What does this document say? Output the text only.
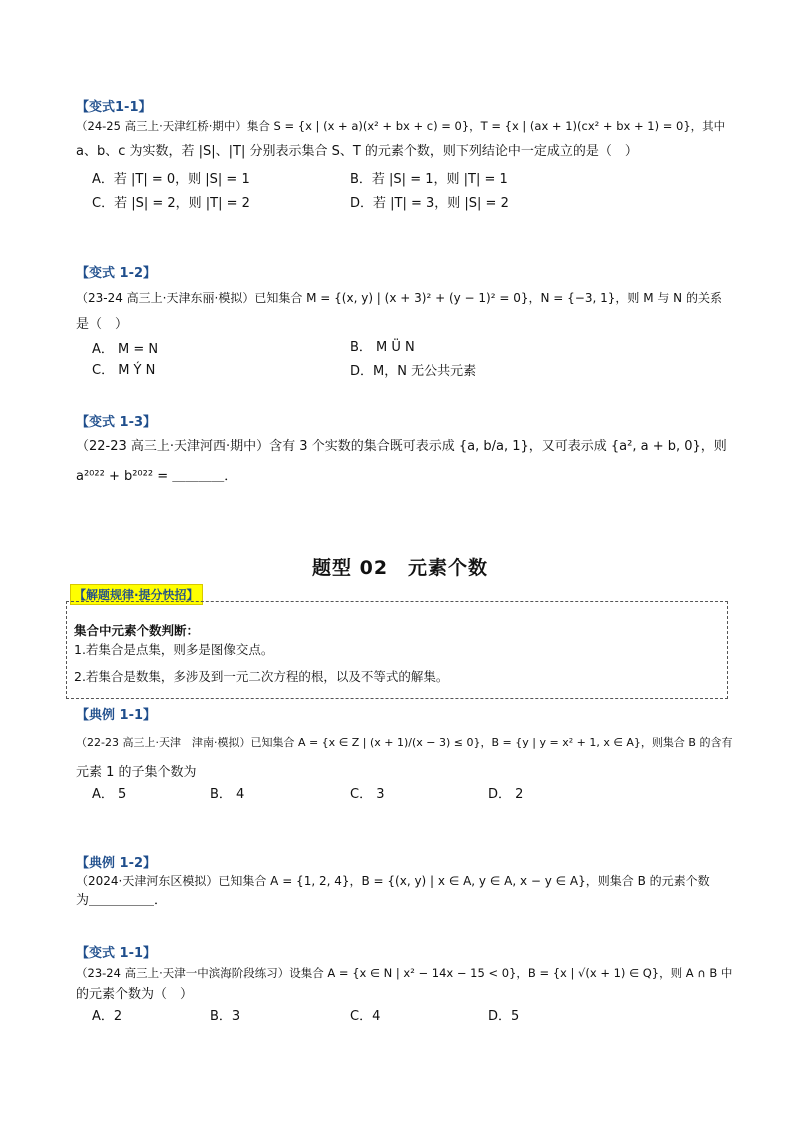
【变式1-1】
（24-25 高三上·天津红桥·期中）集合 S = {x | (x + a)(x² + bx + c) = 0}，T = {x | (ax + 1)(cx² + bx + 1) = 0}，其中
a、b、c 为实数，若 |S|、|T| 分别表示集合 S、T 的元素个数，则下列结论中一定成立的是（　）
A．若 |T| = 0，则 |S| = 1	B．若 |S| = 1，则 |T| = 1
C．若 |S| = 2，则 |T| = 2	D．若 |T| = 3，则 |S| = 2
【变式 1-2】
（23-24 高三上·天津东丽·模拟）已知集合 M = {(x, y) | (x + 3)² + (y − 1)² = 0}，N = {−3, 1}，则 M 与 N 的关系
是（　）
A． M = N	B． M Ü N
C． M Ý N	D．M，N 无公共元素
【变式 1-3】
（22-23 高三上·天津河西·期中）含有 3 个实数的集合既可表示成 {a, b/a, 1}，又可表示成 {a², a + b, 0}，则
a²⁰²² + b²⁰²² = ＿＿＿＿．
题型 02　元素个数
【解题规律·提分快招】
集合中元素个数判断：
1.若集合是点集，则多是图像交点。
2.若集合是数集，多涉及到一元二次方程的根，以及不等式的解集。
【典例 1-1】
（22-23 高三上·天津　津南·模拟）已知集合 A = {x ∈ Z | (x + 1)/(x − 3) ≤ 0}，B = {y | y = x² + 1, x ∈ A}，则集合 B 的含有
元素 1 的子集个数为
A． 5	B． 4	C． 3	D． 2
【典例 1-2】
（2024·天津河东区模拟）已知集合 A = {1, 2, 4}，B = {(x, y) | x ∈ A, y ∈ A, x − y ∈ A}，则集合 B 的元素个数
为＿＿＿＿＿．
【变式 1-1】
（23-24 高三上·天津一中滨海阶段练习）设集合 A = {x ∈ N | x² − 14x − 15 < 0}，B = {x | √(x + 1) ∈ Q}，则 A ∩ B 中
的元素个数为（　）
A．2	B．3	C．4	D．5
